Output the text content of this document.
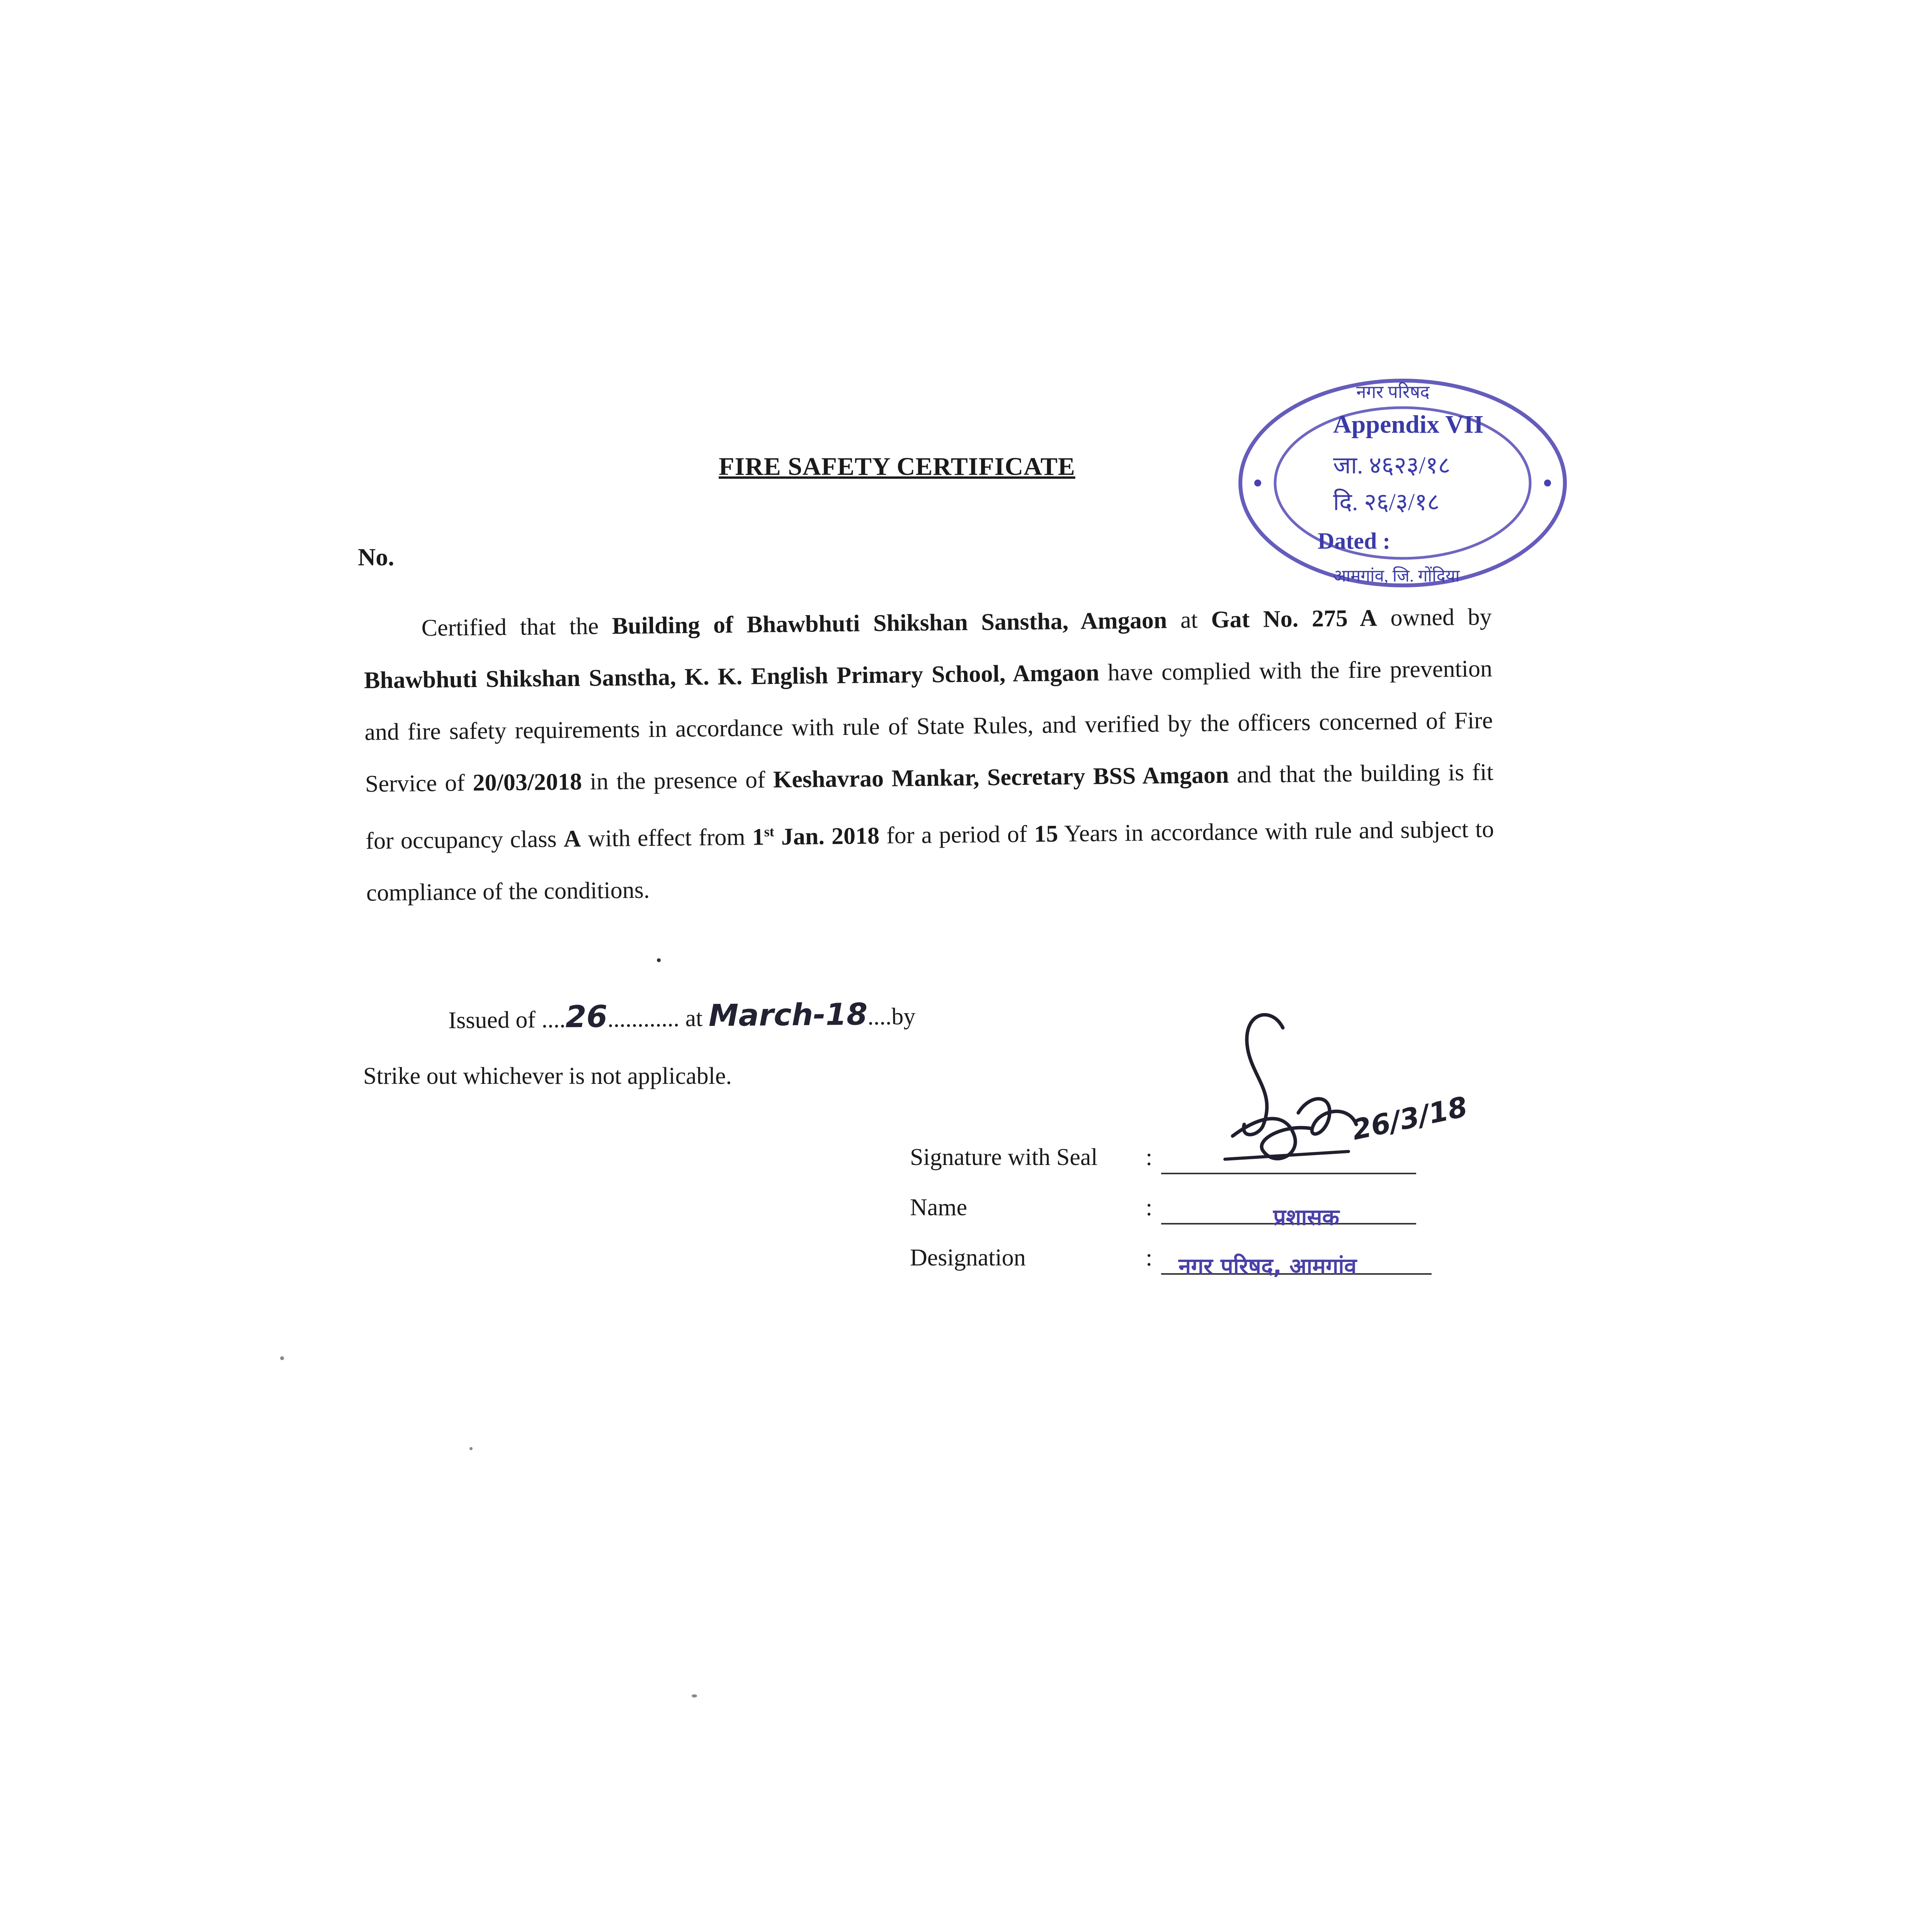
FIRE SAFETY CERTIFICATE
नगर परिषद
आमगांव, जि. गोंदिया
Appendix VII
जा. ४६२३/१८
दि. २६/३/१८
Dated :
No.
Certified that the Building of Bhawbhuti Shikshan Sanstha, Amgaon at Gat No. 275 A owned by Bhawbhuti Shikshan Sanstha, K. K. English Primary School, Amgaon have complied with the fire prevention and fire safety requirements in accordance with rule of State Rules, and verified by the officers concerned of Fire Service of 20/03/2018 in the presence of Keshavrao Mankar, Secretary BSS Amgaon and that the building is fit for occupancy class A with effect from 1st Jan. 2018 for a period of 15 Years in accordance with rule and subject to compliance of the conditions.
Issued of ....26............ at March-18....by
Strike out whichever is not applicable.
Signature with Seal :
Name	:	प्रशासक
Designation	: नगर परिषद, आमगांव
26/3/18
